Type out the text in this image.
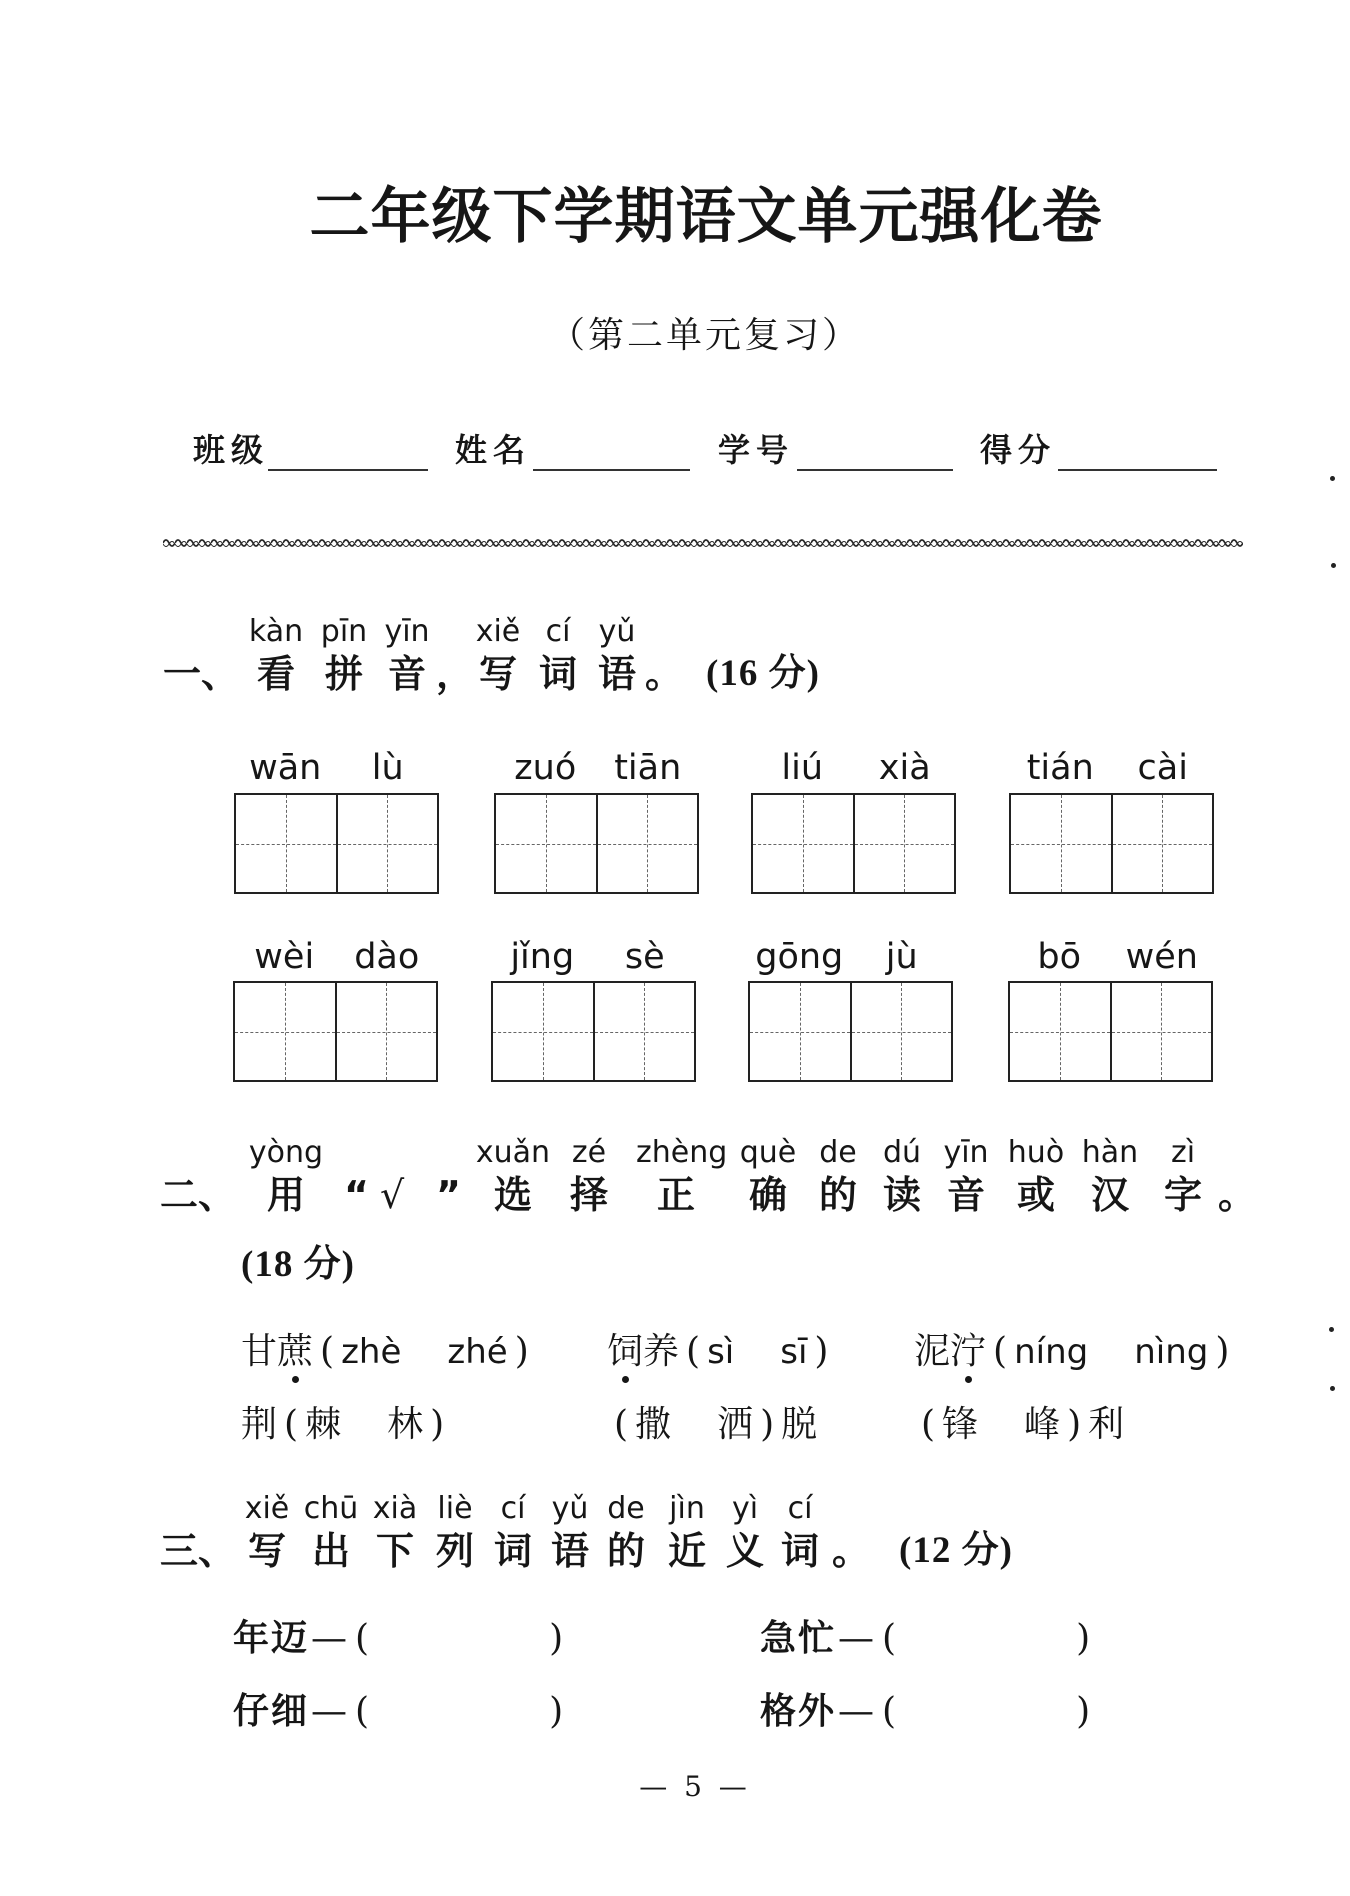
二年级下学期语文单元强化卷
（第二单元复习）
班级	姓名	学号	得分
一、
kàn
看
pīn
拼
yīn
音 ，
xiě
写
cí
词
yǔ
语 。 (16 分)
wān	lù	zuó	tiān	liú	xià	tián	cài
wèi	dào	jǐng	sè	gōng	jù	bō	wén
二、
yòng
用	“ √ ”
xuǎn
选
zé
择
zhèng
正
què
确
de
的
dú
读
yīn
音
huò
或
hàn
汉
zì
字 。
(18 分)
甘 蔗 ( zhè zhé ) 饲 养 ( sì sī ) 泥 泞 ( níng nìng )
荆 ( 棘 林 )	( 撒 洒 ) 脱	( 锋 峰 ) 利
三、
xiě
写
chū
出
xià
下
liè
列
cí
词
yǔ
语
de
的
jìn
近
yì
义
cí
词 。 (12 分)
年迈 — (	)	急忙 — (	)
仔细 — (	)	格外 — (	)
— 5 —
